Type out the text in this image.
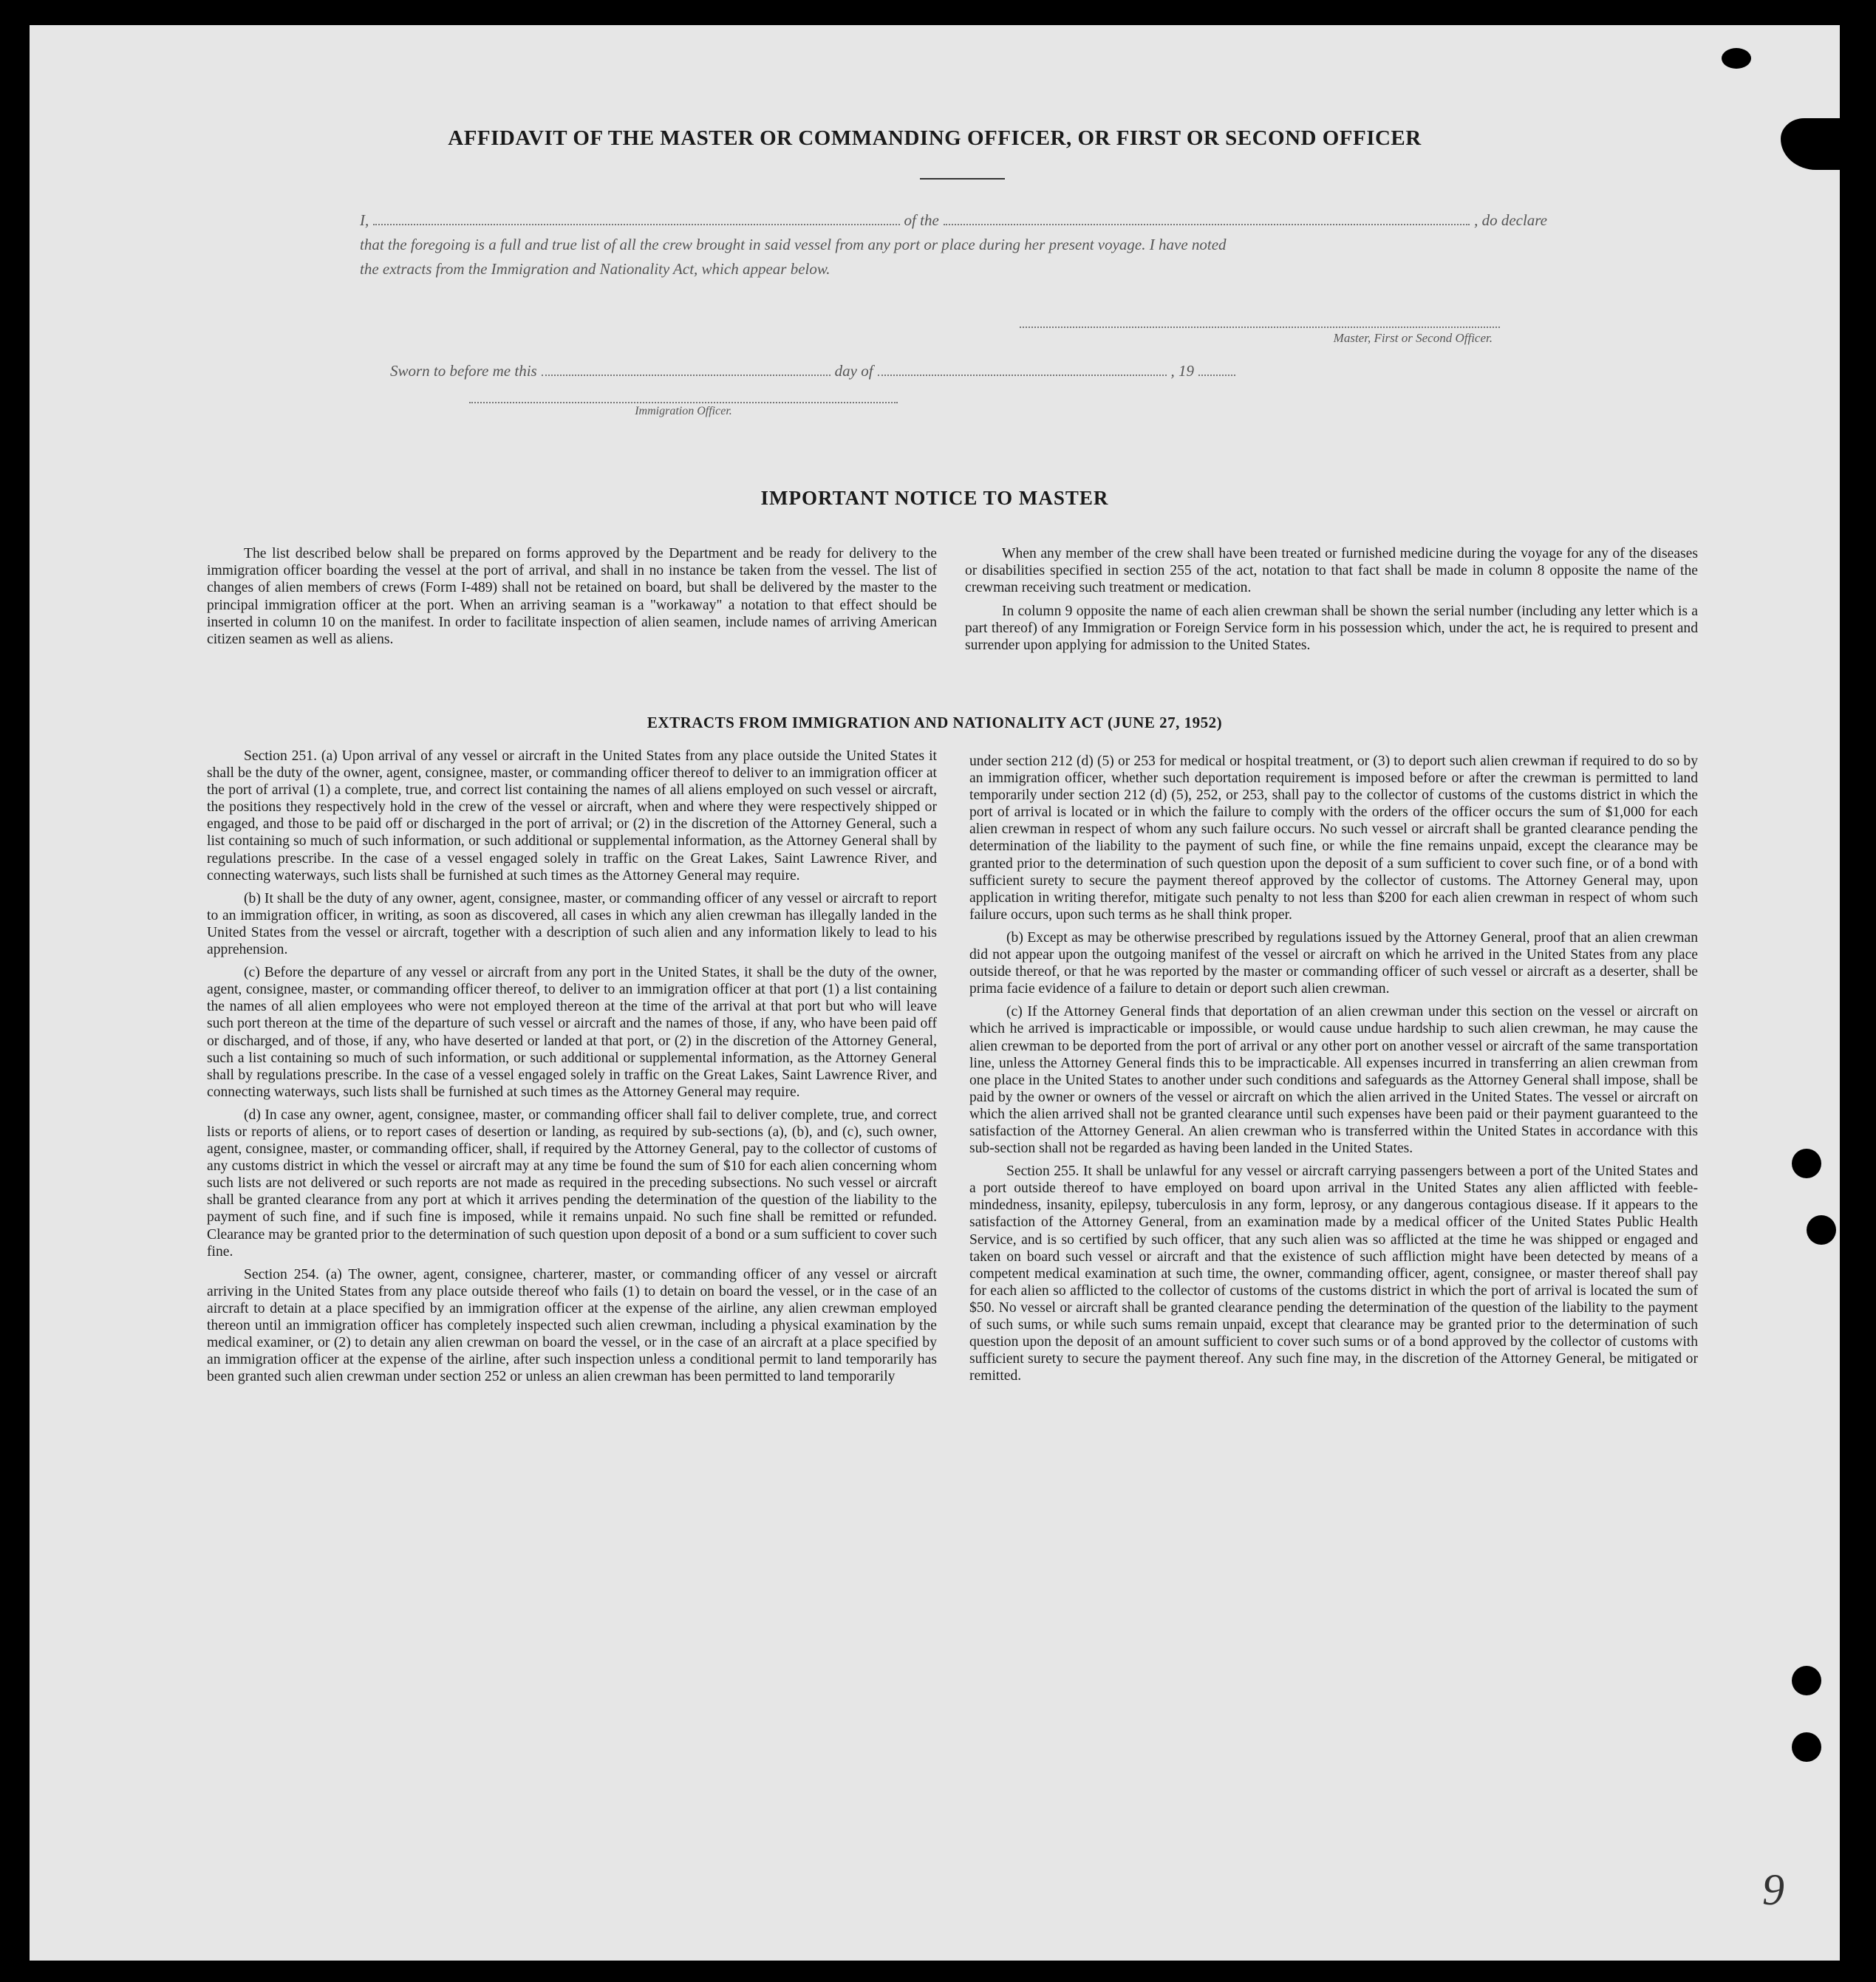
AFFIDAVIT OF THE MASTER OR COMMANDING OFFICER, OR FIRST OR SECOND OFFICER
I,	of the	, do declare
that the foregoing is a full and true list of all the crew brought in said vessel from any port or place during her present voyage. I have noted
the extracts from the Immigration and Nationality Act, which appear below.
Master, First or Second Officer.
Sworn to before me this	day of	, 19
Immigration Officer.
IMPORTANT NOTICE TO MASTER

The list described below shall be prepared on forms approved by the Department and be ready for delivery to the immigration officer boarding the vessel at the port of arrival, and shall in no instance be taken from the vessel. The list of changes of alien members of crews (Form I-489) shall not be retained on board, but shall be delivered by the master to the principal immigration officer at the port. When an arriving seaman is a "workaway" a notation to that effect should be inserted in column 10 on the manifest. In order to facilitate inspection of alien seamen, include names of arriving American citizen seamen as well as aliens.

When any member of the crew shall have been treated or furnished medicine during the voyage for any of the diseases or disabilities specified in section 255 of the act, notation to that fact shall be made in column 8 opposite the name of the crewman receiving such treatment or medication.

In column 9 opposite the name of each alien crewman shall be shown the serial number (including any letter which is a part thereof) of any Immigration or Foreign Service form in his possession which, under the act, he is required to present and surrender upon applying for admission to the United States.

EXTRACTS FROM IMMIGRATION AND NATIONALITY ACT (JUNE 27, 1952)

Section 251. (a) Upon arrival of any vessel or aircraft in the United States from any place outside the United States it shall be the duty of the owner, agent, consignee, master, or commanding officer thereof to deliver to an immigration officer at the port of arrival (1) a complete, true, and correct list containing the names of all aliens employed on such vessel or aircraft, the positions they respectively hold in the crew of the vessel or aircraft, when and where they were respectively shipped or engaged, and those to be paid off or discharged in the port of arrival; or (2) in the discretion of the Attorney General, such a list containing so much of such information, or such additional or supplemental information, as the Attorney General shall by regulations prescribe. In the case of a vessel engaged solely in traffic on the Great Lakes, Saint Lawrence River, and connecting waterways, such lists shall be furnished at such times as the Attorney General may require.

(b) It shall be the duty of any owner, agent, consignee, master, or commanding officer of any vessel or aircraft to report to an immigration officer, in writing, as soon as discovered, all cases in which any alien crewman has illegally landed in the United States from the vessel or aircraft, together with a description of such alien and any information likely to lead to his apprehension.

(c) Before the departure of any vessel or aircraft from any port in the United States, it shall be the duty of the owner, agent, consignee, master, or commanding officer thereof, to deliver to an immigration officer at that port (1) a list containing the names of all alien employees who were not employed thereon at the time of the arrival at that port but who will leave such port thereon at the time of the departure of such vessel or aircraft and the names of those, if any, who have been paid off or discharged, and of those, if any, who have deserted or landed at that port, or (2) in the discretion of the Attorney General, such a list containing so much of such information, or such additional or supplemental information, as the Attorney General shall by regulations prescribe. In the case of a vessel engaged solely in traffic on the Great Lakes, Saint Lawrence River, and connecting waterways, such lists shall be furnished at such times as the Attorney General may require.

(d) In case any owner, agent, consignee, master, or commanding officer shall fail to deliver complete, true, and correct lists or reports of aliens, or to report cases of desertion or landing, as required by sub-sections (a), (b), and (c), such owner, agent, consignee, master, or commanding officer, shall, if required by the Attorney General, pay to the collector of customs of any customs district in which the vessel or aircraft may at any time be found the sum of $10 for each alien concerning whom such lists are not delivered or such reports are not made as required in the preceding subsections. No such vessel or aircraft shall be granted clearance from any port at which it arrives pending the determination of the question of the liability to the payment of such fine, and if such fine is imposed, while it remains unpaid. No such fine shall be remitted or refunded. Clearance may be granted prior to the determination of such question upon deposit of a bond or a sum sufficient to cover such fine.

Section 254. (a) The owner, agent, consignee, charterer, master, or commanding officer of any vessel or aircraft arriving in the United States from any place outside thereof who fails (1) to detain on board the vessel, or in the case of an aircraft to detain at a place specified by an immigration officer at the expense of the airline, any alien crewman employed thereon until an immigration officer has completely inspected such alien crewman, including a physical examination by the medical examiner, or (2) to detain any alien crewman on board the vessel, or in the case of an aircraft at a place specified by an immigration officer at the expense of the airline, after such inspection unless a conditional permit to land temporarily has been granted such alien crewman under section 252 or unless an alien crewman has been permitted to land temporarily

under section 212 (d) (5) or 253 for medical or hospital treatment, or (3) to deport such alien crewman if required to do so by an immigration officer, whether such deportation requirement is imposed before or after the crewman is permitted to land temporarily under section 212 (d) (5), 252, or 253, shall pay to the collector of customs of the customs district in which the port of arrival is located or in which the failure to comply with the orders of the officer occurs the sum of $1,000 for each alien crewman in respect of whom any such failure occurs. No such vessel or aircraft shall be granted clearance pending the determination of the liability to the payment of such fine, or while the fine remains unpaid, except the clearance may be granted prior to the determination of such question upon the deposit of a sum sufficient to cover such fine, or of a bond with sufficient surety to secure the payment thereof approved by the collector of customs. The Attorney General may, upon application in writing therefor, mitigate such penalty to not less than $200 for each alien crewman in respect of whom such failure occurs, upon such terms as he shall think proper.

(b) Except as may be otherwise prescribed by regulations issued by the Attorney General, proof that an alien crewman did not appear upon the outgoing manifest of the vessel or aircraft on which he arrived in the United States from any place outside thereof, or that he was reported by the master or commanding officer of such vessel or aircraft as a deserter, shall be prima facie evidence of a failure to detain or deport such alien crewman.

(c) If the Attorney General finds that deportation of an alien crewman under this section on the vessel or aircraft on which he arrived is impracticable or impossible, or would cause undue hardship to such alien crewman, he may cause the alien crewman to be deported from the port of arrival or any other port on another vessel or aircraft of the same transportation line, unless the Attorney General finds this to be impracticable. All expenses incurred in transferring an alien crewman from one place in the United States to another under such conditions and safeguards as the Attorney General shall impose, shall be paid by the owner or owners of the vessel or aircraft on which the alien arrived in the United States. The vessel or aircraft on which the alien arrived shall not be granted clearance until such expenses have been paid or their payment guaranteed to the satisfaction of the Attorney General. An alien crewman who is transferred within the United States in accordance with this sub-section shall not be regarded as having been landed in the United States.

Section 255. It shall be unlawful for any vessel or aircraft carrying passengers between a port of the United States and a port outside thereof to have employed on board upon arrival in the United States any alien afflicted with feeble-mindedness, insanity, epilepsy, tuberculosis in any form, leprosy, or any dangerous contagious disease. If it appears to the satisfaction of the Attorney General, from an examination made by a medical officer of the United States Public Health Service, and is so certified by such officer, that any such alien was so afflicted at the time he was shipped or engaged and taken on board such vessel or aircraft and that the existence of such affliction might have been detected by means of a competent medical examination at such time, the owner, commanding officer, agent, consignee, or master thereof shall pay for each alien so afflicted to the collector of customs of the customs district in which the port of arrival is located the sum of $50. No vessel or aircraft shall be granted clearance pending the determination of the question of the liability to the payment of such sums, or while such sums remain unpaid, except that clearance may be granted prior to the determination of such question upon the deposit of an amount sufficient to cover such sums or of a bond approved by the collector of customs with sufficient surety to secure the payment thereof. Any such fine may, in the discretion of the Attorney General, be mitigated or remitted.

9
